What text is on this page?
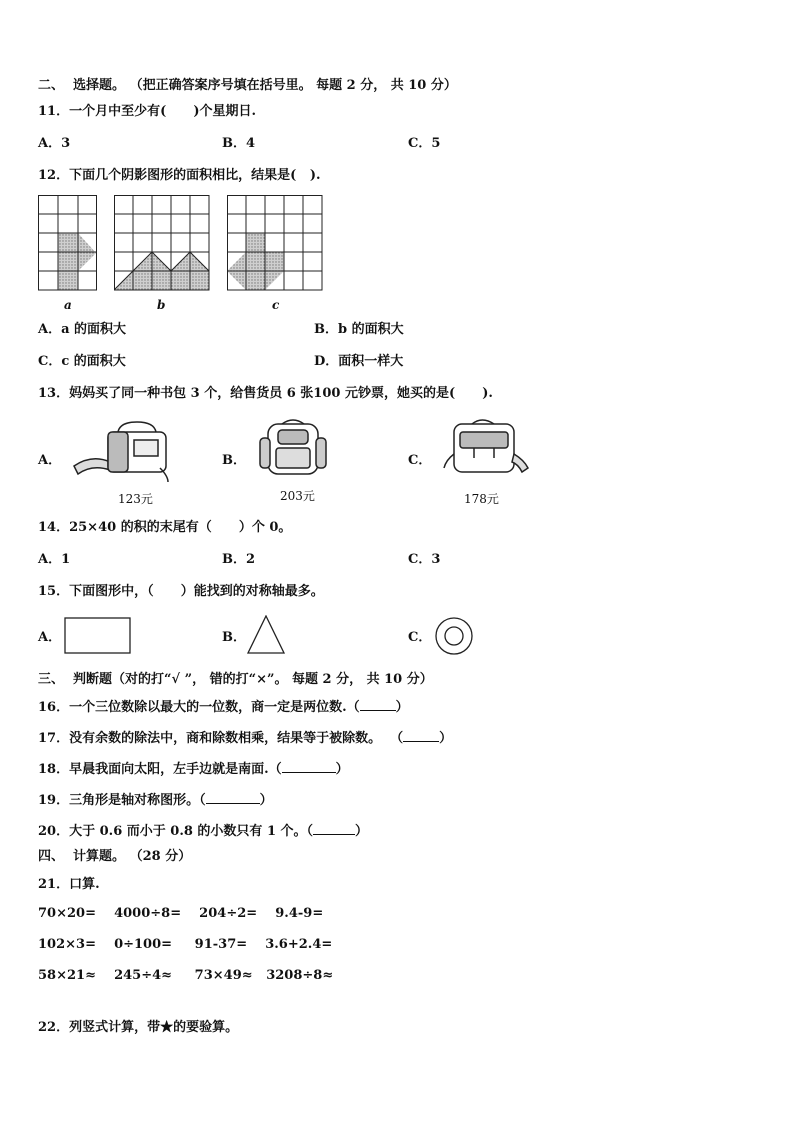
二、  选择题。 （把正确答案序号填在括号里。 每题 2 分， 共 10 分）
11．一个月中至少有(      )个星期日.
A．3	B．4	C．5
12．下面几个阴影图形的面积相比，结果是(   ).
a	b	c
A．a 的面积大	B．b 的面积大
C．c 的面积大	D．面积一样大
13．妈妈买了同一种书包 3 个，给售货员 6 张100 元钞票，她买的是(      ).
A．
123元
B．
203元
C．
178元
14．25×40 的积的末尾有（      ）个 0。
A．1	B．2	C．3
15．下面图形中，（      ）能找到的对称轴最多。
A．	B．	C．
三、  判断题（对的打“√ ”， 错的打“×”。 每题 2 分， 共 10 分）
16．一个三位数除以最大的一位数，商一定是两位数.（	）
17．没有余数的除法中，商和除数相乘，结果等于被除数。  （	）
18．早晨我面向太阳，左手边就是南面.（	）
19．三角形是轴对称图形。（	）
20．大于 0.6 而小于 0.8 的小数只有 1 个。（	）
四、  计算题。 （28 分）
21．口算.
70×20=    4000÷8=    204÷2=    9.4-9=
102×3=    0÷100=     91-37=    3.6+2.4=
58×21≈    245÷4≈     73×49≈   3208÷8≈
22．列竖式计算，带★的要验算。
